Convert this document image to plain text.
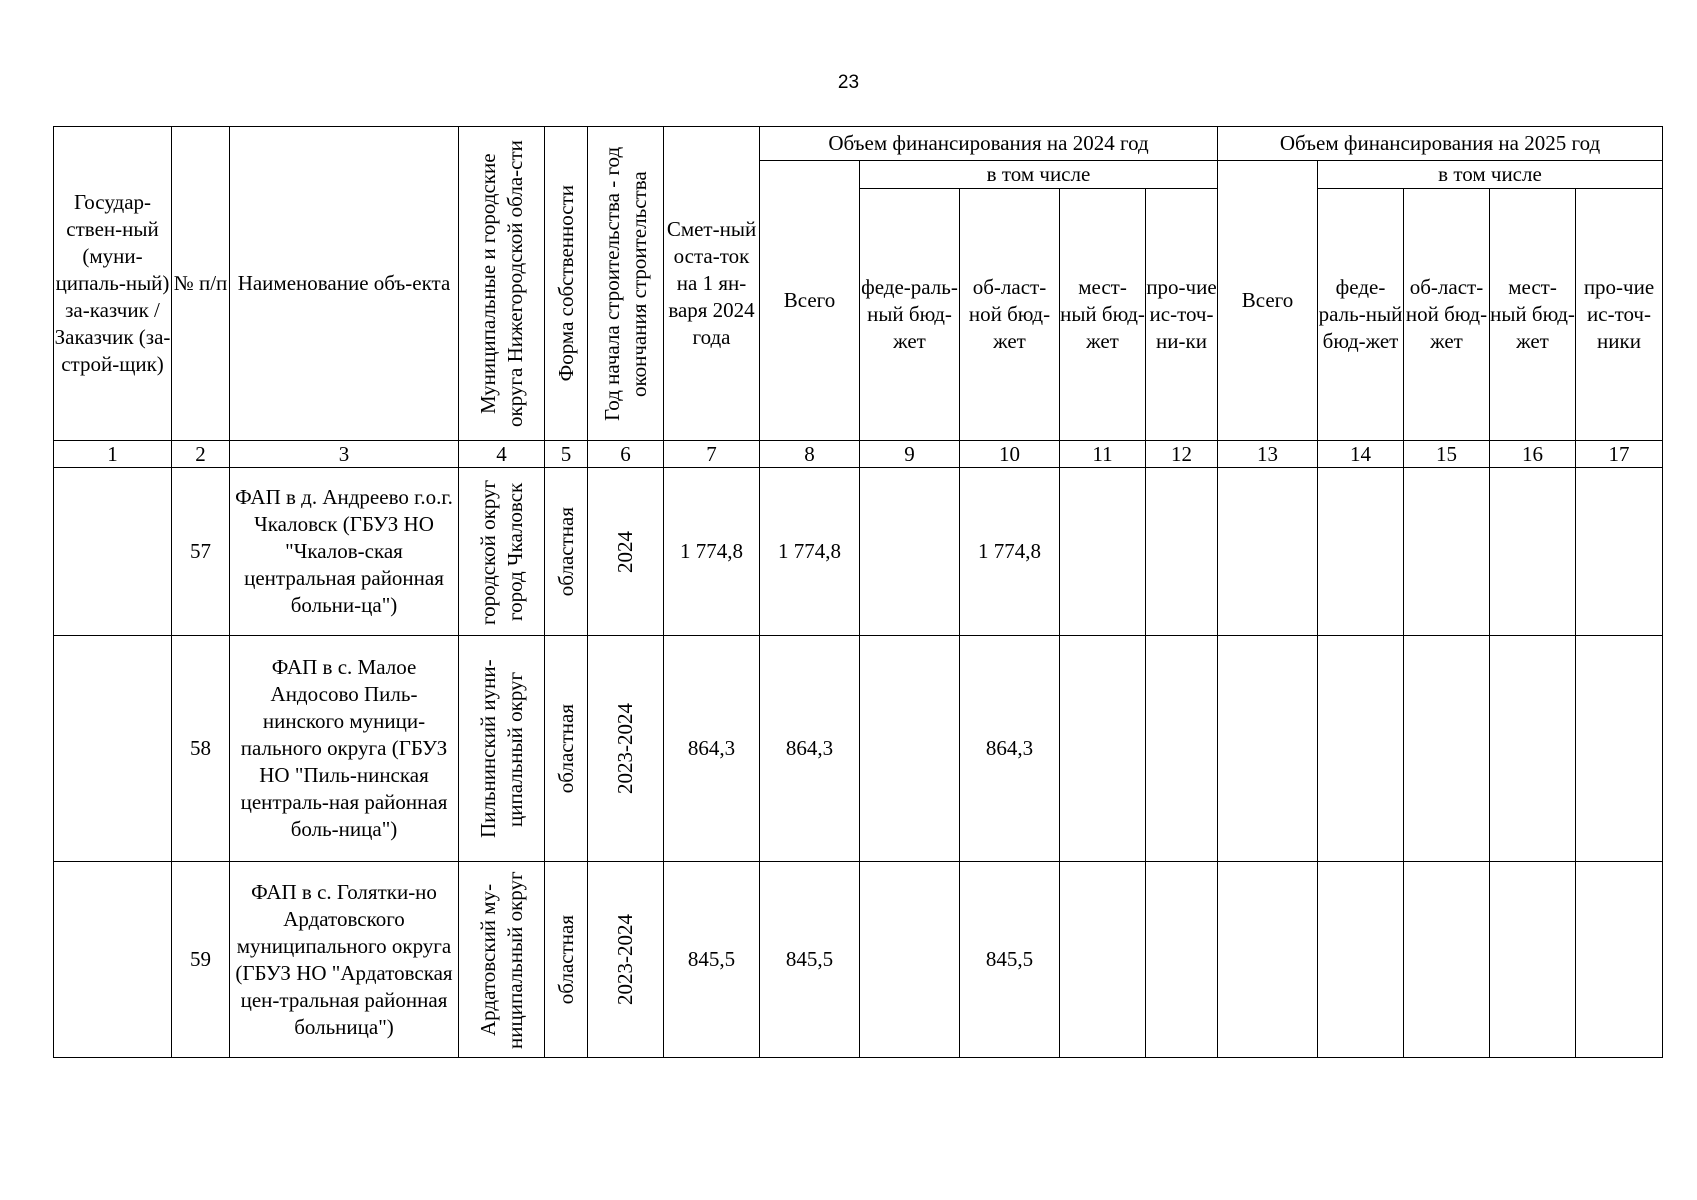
23
Государ-ствен-ный (муни-ципаль-ный) за-казчик / Заказчик (за-строй-щик)	№ п/п	Наименование объ-екта	Муниципальные и городские округа Нижегородской обла-сти	Форма собственности	Год начала строительства - год окончания строительства	Смет-ный оста-ток на 1 ян-варя 2024 года	Объем финансирования на 2024 год					Объем финансирования на 2025 год				
							Всего	в том числе				Всего	в том числе			
								феде-раль-ный бюд-жет	об-ласт-ной бюд-жет	мест-ный бюд-жет	про-чие ис-точ-ни-ки		феде-раль-ный бюд-жет	об-ласт-ной бюд-жет	мест-ный бюд-жет	про-чие ис-точ-ники
1	2	3	4	5	6	7	8	9	10	11	12	13	14	15	16	17
	57	ФАП в д. Андреево г.о.г. Чкаловск (ГБУЗ НО "Чкалов-ская центральная районная больни-ца")	городской округ город Чкаловск	областная	2024	1 774,8	1 774,8		1 774,8							
	58	ФАП в с. Малое Андосово Пиль-нинского муници-пального округа (ГБУЗ НО "Пиль-нинская централь-ная районная боль-ница")	Пильнинский иуни-ципальный округ	областная	2023-2024	864,3	864,3		864,3							
	59	ФАП в с. Голятки-но Ардатовского муниципального округа (ГБУЗ НО "Ардатовская цен-тральная районная больница")	Ардатовский му-ниципальный округ	областная	2023-2024	845,5	845,5		845,5							
